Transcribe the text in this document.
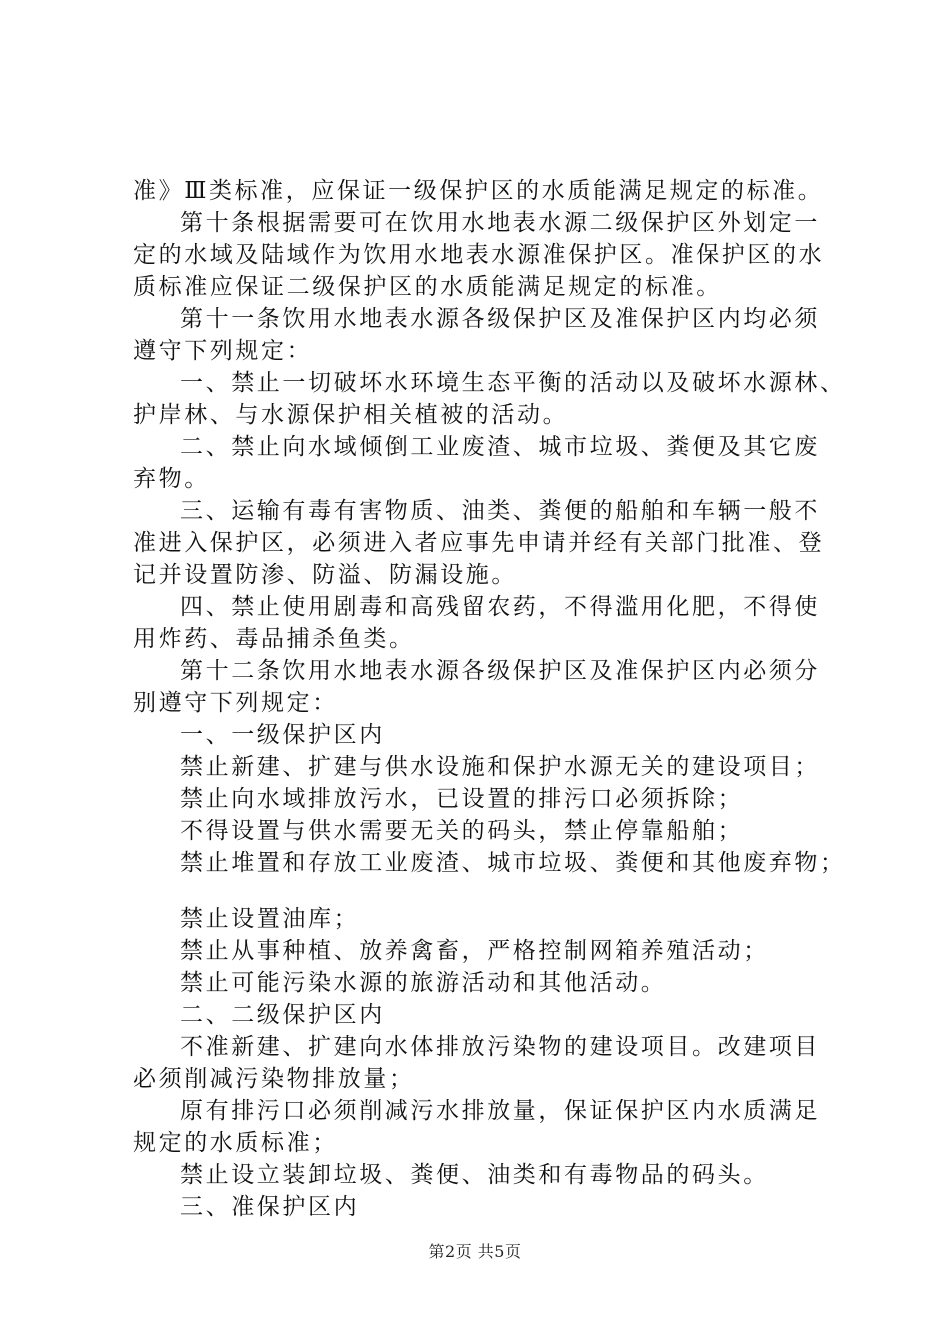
准》Ⅲ类标准，应保证一级保护区的水质能满足规定的标准。
第十条根据需要可在饮用水地表水源二级保护区外划定一
定的水域及陆域作为饮用水地表水源准保护区。准保护区的水
质标准应保证二级保护区的水质能满足规定的标准。
第十一条饮用水地表水源各级保护区及准保护区内均必须
遵守下列规定：
一、禁止一切破坏水环境生态平衡的活动以及破坏水源林、
护岸林、与水源保护相关植被的活动。
二、禁止向水域倾倒工业废渣、城市垃圾、粪便及其它废
弃物。
三、运输有毒有害物质、油类、粪便的船舶和车辆一般不
准进入保护区，必须进入者应事先申请并经有关部门批准、登
记并设置防渗、防溢、防漏设施。
四、禁止使用剧毒和高残留农药，不得滥用化肥，不得使
用炸药、毒品捕杀鱼类。
第十二条饮用水地表水源各级保护区及准保护区内必须分
别遵守下列规定：
一、一级保护区内
禁止新建、扩建与供水设施和保护水源无关的建设项目；
禁止向水域排放污水，已设置的排污口必须拆除；
不得设置与供水需要无关的码头，禁止停靠船舶；
禁止堆置和存放工业废渣、城市垃圾、粪便和其他废弃物；
禁止设置油库；
禁止从事种植、放养禽畜，严格控制网箱养殖活动；
禁止可能污染水源的旅游活动和其他活动。
二、二级保护区内
不准新建、扩建向水体排放污染物的建设项目。改建项目
必须削减污染物排放量；
原有排污口必须削减污水排放量，保证保护区内水质满足
规定的水质标准；
禁止设立装卸垃圾、粪便、油类和有毒物品的码头。
三、准保护区内
第2页 共5页
